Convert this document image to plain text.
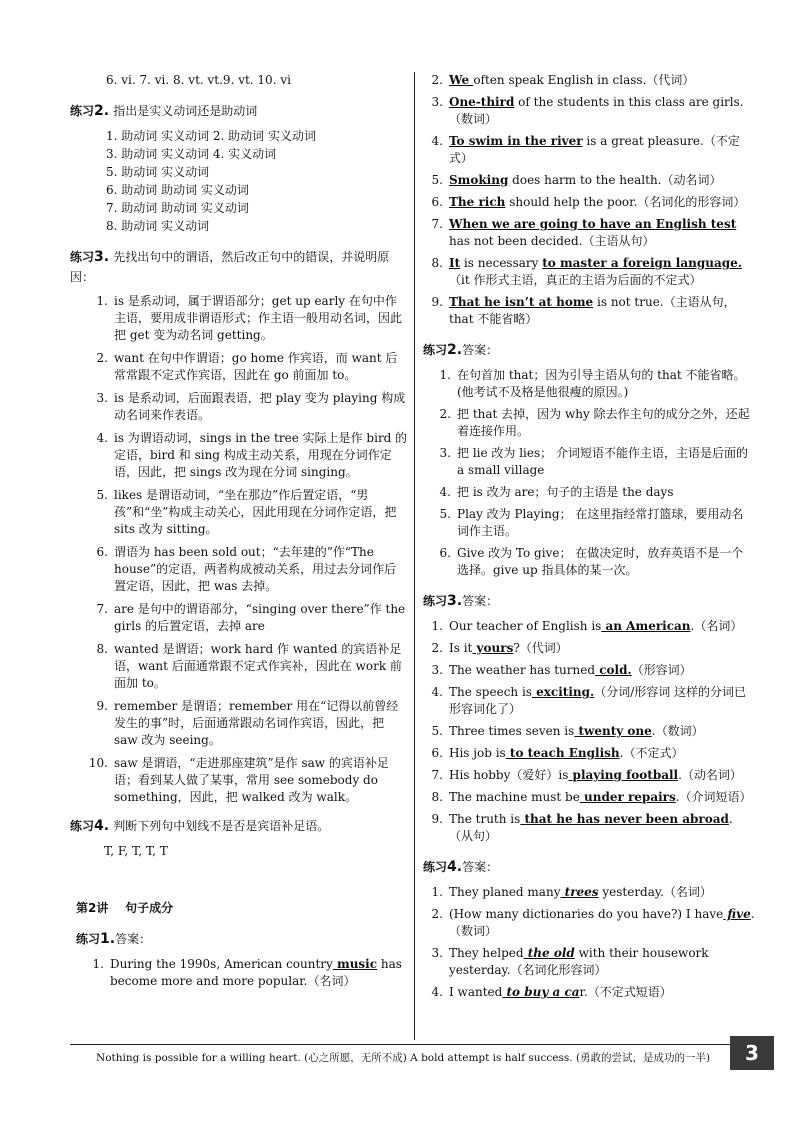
6. vi. 7. vi. 8. vt. vt.9. vt. 10. vi

练习2. 指出是实义动词还是助动词

1. 助动词 实义动词 2. 助动词 实义动词
3. 助动词 实义动词 4. 实义动词
5. 助动词 实义动词
6. 助动词 助动词 实义动词
7. 助动词 助动词 实义动词
8. 助动词 实义动词

练习3. 先找出句中的谓语，然后改正句中的错误，并说明原因：

1. is 是系动词，属于谓语部分；get up early 在句中作主语，要用成非谓语形式；作主语一般用动名词，因此把 get 变为动名词 getting。
2. want 在句中作谓语；go home 作宾语，而 want 后常常跟不定式作宾语，因此在 go 前面加 to。
3. is 是系动词，后面跟表语，把 play 变为 playing 构成动名词来作表语。
4. is 为谓语动词，sings in the tree 实际上是作 bird 的定语，bird 和 sing 构成主动关系，用现在分词作定语，因此，把 sings 改为现在分词 singing。
5. likes 是谓语动词，“坐在那边”作后置定语，“男孩”和“坐”构成主动关心，因此用现在分词作定语，把 sits 改为 sitting。
6. 谓语为 has been sold out；“去年建的”作“The house”的定语，两者构成被动关系，用过去分词作后置定语，因此，把 was 去掉。
7. are 是句中的谓语部分，“singing over there”作 the girls 的后置定语，去掉 are
8. wanted 是谓语；work hard 作 wanted 的宾语补足语，want 后面通常跟不定式作宾补，因此在 work 前面加 to。
9. remember 是谓语；remember 用在“记得以前曾经发生的事”时，后面通常跟动名词作宾语，因此，把 saw 改为 seeing。
10. saw 是谓语，“走进那座建筑”是作 saw 的宾语补足语；看到某人做了某事，常用 see somebody do something，因此，把 walked 改为 walk。

练习4. 判断下列句中划线不是否是宾语补足语。

T, F, T, T, T

第2讲 句子成分

练习1.答案：

1. During the 1990s, American country music has become more and more popular.（名词）
2. We often speak English in class.（代词）
3. One-third of the students in this class are girls.（数词）
4. To swim in the river is a great pleasure.（不定式）
5. Smoking does harm to the health.（动名词）
6. The rich should help the poor.（名词化的形容词）
7. When we are going to have an English test has not been decided.（主语从句）
8. It is necessary to master a foreign language.（it 作形式主语，真正的主语为后面的不定式）
9. That he isn’t at home is not true.（主语从句，that 不能省略）

练习2.答案：

1. 在句首加 that；因为引导主语从句的 that 不能省略。(他考试不及格是他很瘦的原因。)
2. 把 that 去掉，因为 why 除去作主句的成分之外，还起着连接作用。
3. 把 lie 改为 lies； 介词短语不能作主语，主语是后面的 a small village
4. 把 is 改为 are；句子的主语是 the days
5. Play 改为 Playing； 在这里指经常打篮球，要用动名词作主语。
6. Give 改为 To give； 在做决定时，放弃英语不是一个选择。give up 指具体的某一次。

练习3.答案：

1. Our teacher of English is an American.（名词）
2. Is it yours?（代词）
3. The weather has turned cold.（形容词）
4. The speech is exciting.（分词/形容词 这样的分词已形容词化了）
5. Three times seven is twenty one.（数词）
6. His job is to teach English.（不定式）
7. His hobby（爱好）is playing football.（动名词）
8. The machine must be under repairs.（介词短语）
9. The truth is that he has never been abroad.（从句）

练习4.答案：

1. They planed many trees yesterday.（名词）
2. (How many dictionaries do you have?) I have five.（数词）
3. They helped the old with their housework yesterday.（名词化形容词）
4. I wanted to buy a car.（不定式短语）
Nothing is possible for a willing heart. (心之所愿，无所不成) A bold attempt is half success. (勇敢的尝试，是成功的一半)	3
